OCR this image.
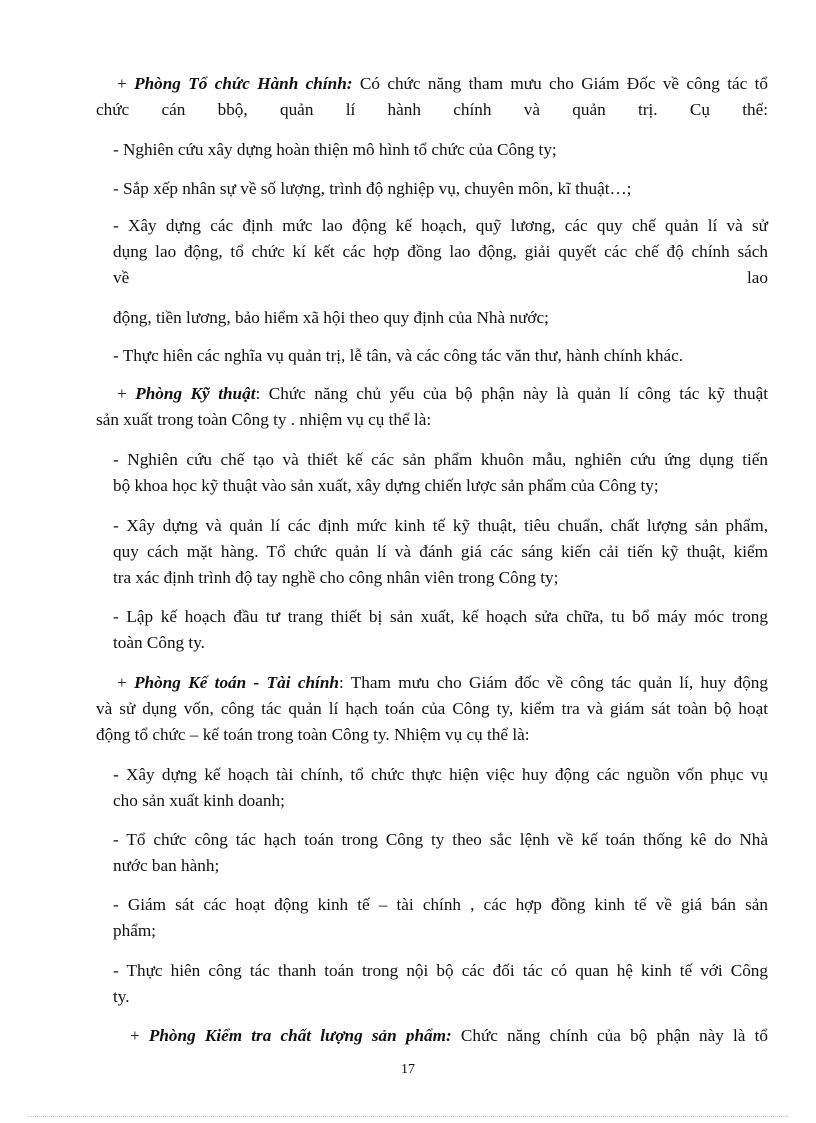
+ Phòng Tổ chức Hành chính: Có chức năng tham mưu cho Giám Đốc về công tác tổ
chức cán bbộ, quản lí hành chính và quản trị. Cụ thể:
- Nghiên cứu xây dựng hoàn thiện mô hình tổ chức của Công ty;
- Sắp xếp nhân sự về số lượng, trình độ nghiệp vụ, chuyên môn, kĩ thuật…;
- Xây dựng các định mức lao động kế hoạch, quỹ lương, các quy chế quản lí và sử
dụng lao động, tổ chức kí kết các hợp đồng lao động, giải quyết các chế độ chính sách
về lao
động, tiền lương, bảo hiểm xã hội theo quy định của Nhà nước;
- Thực hiên các nghĩa vụ quản trị, lễ tân, và các công tác văn thư, hành chính khác.
+ Phòng Kỹ thuật: Chức năng chủ yếu của bộ phận này là quản lí công tác kỹ thuật
sản xuất trong toàn Công ty . nhiệm vụ cụ thể là:
- Nghiên cứu chế tạo và thiết kế các sản phẩm khuôn mẫu, nghiên cứu ứng dụng tiến
bộ khoa học kỹ thuật vào sản xuất, xây dựng chiến lược sản phẩm của Công ty;
- Xây dựng và quản lí các định mức kinh tế kỹ thuật, tiêu chuẩn, chất lượng sản phẩm,
quy cách mặt hàng. Tổ chức quản lí và đánh giá các sáng kiến cải tiến kỹ thuật, kiểm
tra xác định trình độ tay nghề cho công nhân viên trong Công ty;
- Lập kế hoạch đầu tư trang thiết bị sản xuất, kế hoạch sửa chữa, tu bổ máy móc trong
toàn Công ty.
+ Phòng Kế toán - Tài chính: Tham mưu cho Giám đốc về công tác quản lí, huy động
và sử dụng vốn, công tác quản lí hạch toán của Công ty, kiểm tra và giám sát toàn bộ hoạt
động tổ chức – kế toán trong toàn Công ty. Nhiệm vụ cụ thể là:
- Xây dựng kế hoạch tài chính, tổ chức thực hiện việc huy động các nguồn vốn phục vụ
cho sản xuất kinh doanh;
- Tổ chức công tác hạch toán trong Công ty theo sắc lệnh về kế toán thống kê do Nhà
nước ban hành;
- Giám sát các hoạt động kinh tế – tài chính , các hợp đồng kinh tế về giá bán sản
phẩm;
- Thực hiên công tác thanh toán trong nội bộ các đối tác có quan hệ kinh tế với Công
ty.
+ Phòng Kiểm tra chất lượng sản phẩm: Chức năng chính của bộ phận này là tổ
17
